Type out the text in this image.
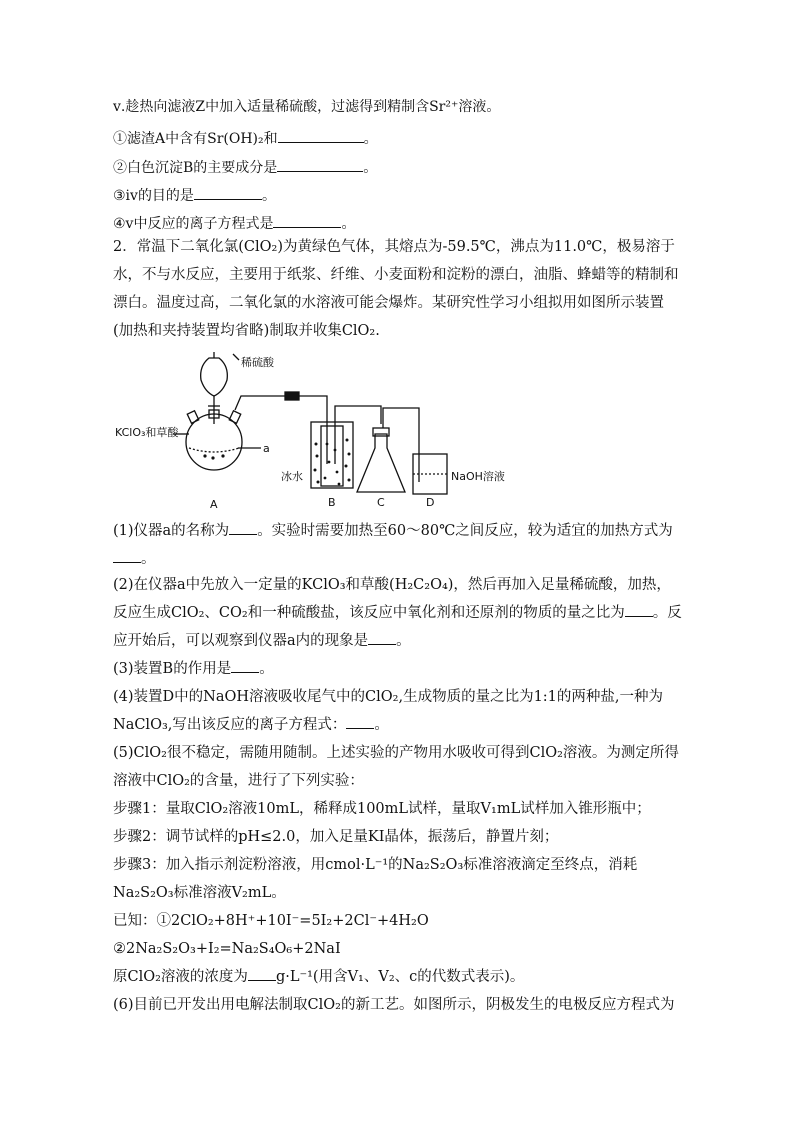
ⅴ.趁热向滤液Z中加入适量稀硫酸，过滤得到精制含Sr²⁺溶液。
①滤渣A中含有Sr(OH)₂和	。
②白色沉淀B的主要成分是	。
③ⅳ的目的是	。
④ⅴ中反应的离子方程式是	。
2．常温下二氧化氯(ClO₂)为黄绿色气体，其熔点为-59.5℃，沸点为11.0℃，极易溶于水，不与水反应，主要用于纸浆、纤维、小麦面粉和淀粉的漂白，油脂、蜂蜡等的精制和漂白。温度过高，二氧化氯的水溶液可能会爆炸。某研究性学习小组拟用如图所示装置(加热和夹持装置均省略)制取并收集ClO₂.
稀硫酸
KClO₃和草酸
a
冰水	NaOH溶液
A	B	C	D
(1)仪器a的名称为 。实验时需要加热至60～80℃之间反应，较为适宜的加热方式为。
(2)在仪器a中先放入一定量的KClO₃和草酸(H₂C₂O₄)，然后再加入足量稀硫酸，加热，反应生成ClO₂、CO₂和一种硫酸盐，该反应中氧化剂和还原剂的物质的量之比为 。反应开始后，可以观察到仪器a内的现象是 。
(3)装置B的作用是 。
(4)装置D中的NaOH溶液吸收尾气中的ClO₂,生成物质的量之比为1:1的两种盐,一种为NaClO₃,写出该反应的离子方程式： 。
(5)ClO₂很不稳定，需随用随制。上述实验的产物用水吸收可得到ClO₂溶液。为测定所得溶液中ClO₂的含量，进行了下列实验：
步骤1：量取ClO₂溶液10mL，稀释成100mL试样，量取V₁mL试样加入锥形瓶中；
步骤2：调节试样的pH≤2.0，加入足量KI晶体，振荡后，静置片刻；
步骤3：加入指示剂淀粉溶液，用cmol·L⁻¹的Na₂S₂O₃标准溶液滴定至终点，消耗Na₂S₂O₃标准溶液V₂mL。
已知：①2ClO₂+8H⁺+10I⁻=5I₂+2Cl⁻+4H₂O
②2Na₂S₂O₃+I₂=Na₂S₄O₆+2NaI
原ClO₂溶液的浓度为 g·L⁻¹(用含V₁、V₂、c的代数式表示)。
(6)目前已开发出用电解法制取ClO₂的新工艺。如图所示，阴极发生的电极反应方程式为
